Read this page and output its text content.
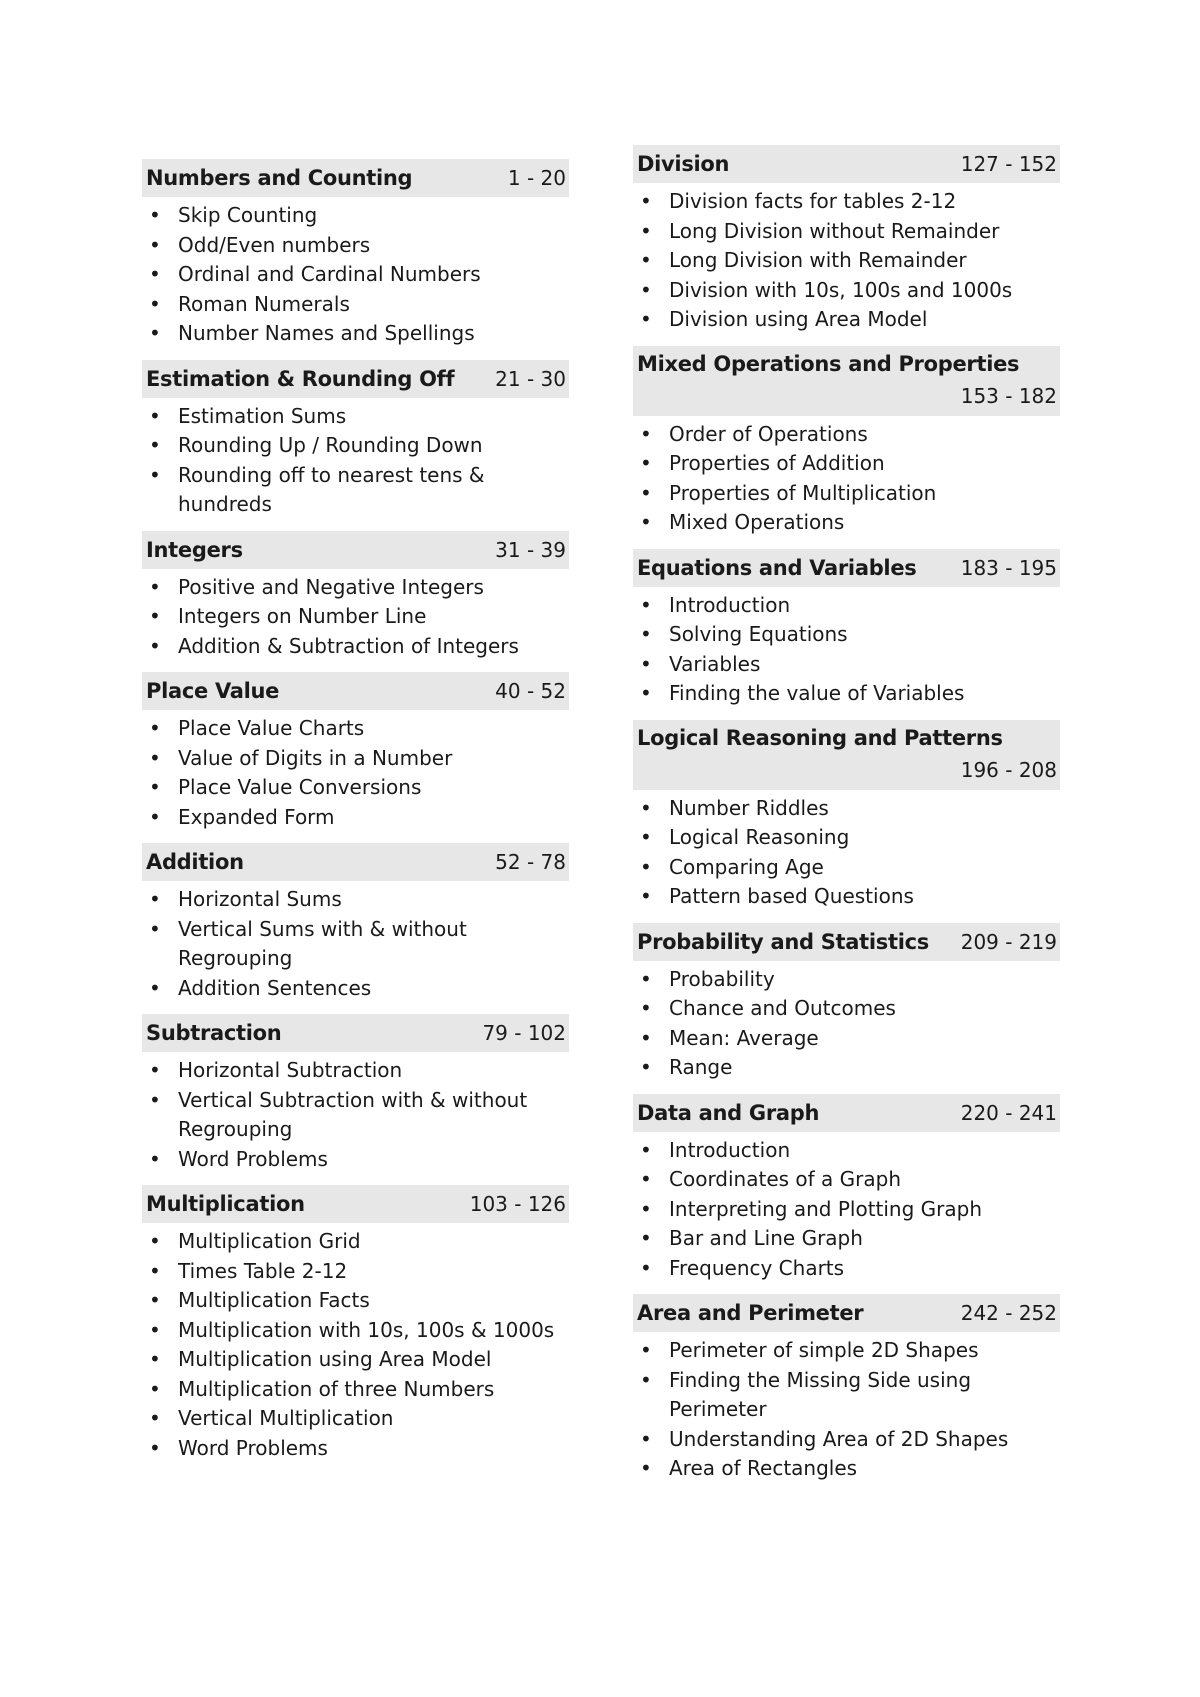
Numbers and Counting	1 - 20
• Skip Counting
• Odd/Even numbers
• Ordinal and Cardinal Numbers
• Roman Numerals
• Number Names and Spellings
Estimation & Rounding Off 21 - 30
• Estimation Sums
• Rounding Up / Rounding Down
• Rounding off to nearest tens &
hundreds
Integers	31 - 39
• Positive and Negative Integers
• Integers on Number Line
• Addition & Subtraction of Integers
Place Value	40 - 52
• Place Value Charts
• Value of Digits in a Number
• Place Value Conversions
• Expanded Form
Addition	52 - 78
• Horizontal Sums
• Vertical Sums with & without
Regrouping
• Addition Sentences
Subtraction	79 - 102
• Horizontal Subtraction
• Vertical Subtraction with & without
Regrouping
• Word Problems
Multiplication	103 - 126
• Multiplication Grid
• Times Table 2-12
• Multiplication Facts
• Multiplication with 10s, 100s & 1000s
• Multiplication using Area Model
• Multiplication of three Numbers
• Vertical Multiplication
• Word Problems
Division	127 - 152
• Division facts for tables 2-12
• Long Division without Remainder
• Long Division with Remainder
• Division with 10s, 100s and 1000s
• Division using Area Model
Mixed Operations and Properties
153 - 182
• Order of Operations
• Properties of Addition
• Properties of Multiplication
• Mixed Operations
Equations and Variables 183 - 195
• Introduction
• Solving Equations
• Variables
• Finding the value of Variables
Logical Reasoning and Patterns
196 - 208
• Number Riddles
• Logical Reasoning
• Comparing Age
• Pattern based Questions
Probability and Statistics 209 - 219
• Probability
• Chance and Outcomes
• Mean: Average
• Range
Data and Graph	220 - 241
• Introduction
• Coordinates of a Graph
• Interpreting and Plotting Graph
• Bar and Line Graph
• Frequency Charts
Area and Perimeter	242 - 252
• Perimeter of simple 2D Shapes
• Finding the Missing Side using
Perimeter
• Understanding Area of 2D Shapes
• Area of Rectangles
